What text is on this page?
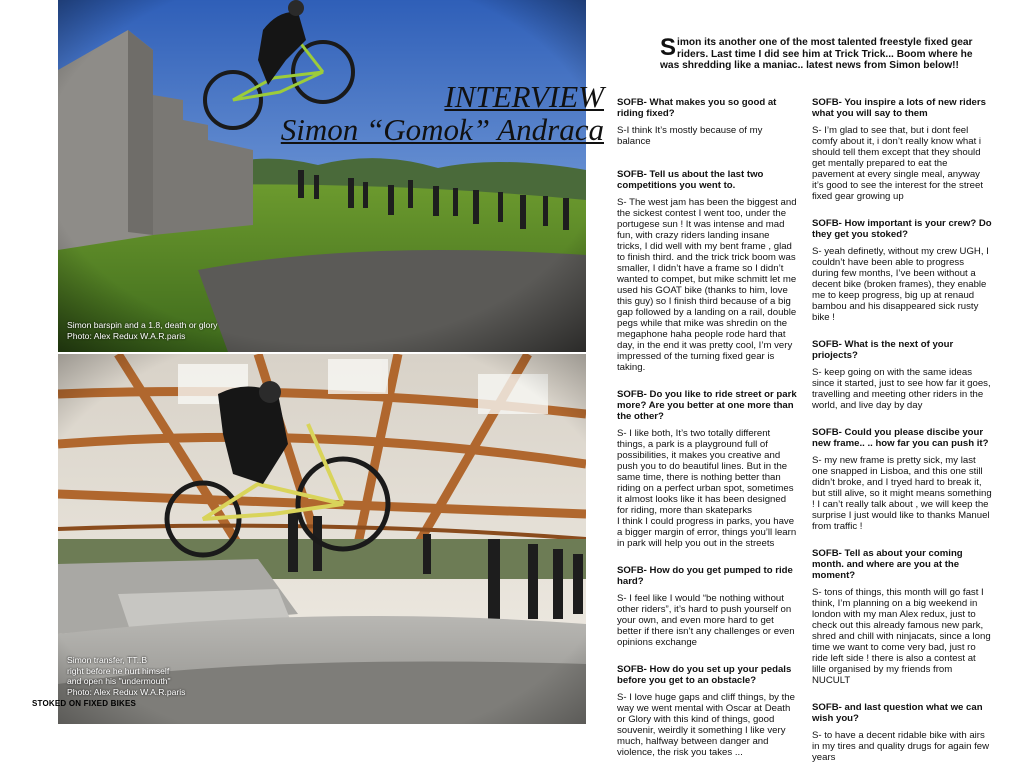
Simon barspin and a 1.8, death or glory
Photo: Alex Redux W.A.R.paris
Simon transfer, TT..B
right before he hurt himself
and open his "undermouth"
Photo: Alex Redux W.A.R.paris
STOKED ON FIXED BIKES
INTERVIEW
Simon “Gomok” Andraca
Simon its another one of the most talented freestyle fixed gear riders. Last time I did see him at Trick Trick... Boom where he was shredding like a maniac.. latest news from Simon below!!

SOFB- What makes you so good at riding fixed?

S-I think It’s mostly because of my balance

SOFB- Tell us about the last two competitions you went to.

S- The west jam has been the biggest and the sickest contest I went too, under the portugese sun ! It was intense and mad fun, with crazy riders landing insane tricks, I did well with my bent frame , glad to finish third. and the trick trick boom was smaller, I didn’t have a frame so I didn’t wanted to compet, but mike schmitt let me used his GOAT bike (thanks to him, love this guy) so I finish third because of a big gap followed by a landing on a rail, double pegs while that mike was shredin on the megaphone haha people rode hard that day, in the end it was pretty cool, I’m very impressed of the turning fixed gear is taking.

SOFB- Do you like to ride street or park more? Are you better at one more than the other?

S- I like both, It’s two totally different things, a park is a playground full of possibilities, it makes you creative and push you to do beautiful lines. But in the same time, there is nothing better than riding on a perfect urban spot, sometimes it almost looks like it has been designed for riding, more than skateparks
I think I could progress in parks, you have a bigger margin of error, things you’ll learn in park will help you out in the streets

SOFB- How do you get pumped to ride hard?

S- I feel like I would “be nothing without other riders”, it’s hard to push yourself on your own, and even more hard to get better if there isn’t any challenges or even opinions exchange

SOFB- How do you set up your pedals before you get to an obstacle?

S- I love huge gaps and cliff things, by the way we went mental with Oscar at Death or Glory with this kind of things, good souvenir, weirdly it something I like very much, halfway between danger and violence, the risk you takes ...

SOFB- You inspire a lots of new riders what you will say to them

S- I’m glad to see that, but i dont feel comfy about it, i don’t really know what i should tell them except that they should get mentally prepared to eat the pavement at every single meal, anyway it’s good to see the interest for the street fixed gear growing up

SOFB- How important is your crew? Do they get you stoked?

S- yeah definetly, without my crew UGH, I couldn’t have been able to progress during few months, I’ve been without a decent bike (broken frames), they enable me to keep progress, big up at renaud bambou and his disappeared sick rusty bike !

SOFB- What is the next of your priojects?

S- keep going on with the same ideas since it started, just to see how far it goes, travelling and meeting other riders in the world, and live day by day

SOFB- Could you please discibe your new frame.. .. how far you can push it?

S- my new frame is pretty sick, my last one snapped in Lisboa, and this one still didn’t broke, and I tryed hard to break it, but still alive, so it might means something ! I can’t really talk about , we will keep the surprise I just would like to thanks Manuel from traffic !

SOFB- Tell as about your coming month. and where are you at the moment?

S- tons of things, this month will go fast I think, I’m planning on a big weekend in london with my man Alex redux, just to check out this already famous new park, shred and chill with ninjacats, since a long time we want to come very bad, just ro ride left side ! there is also a contest at lille organised by my friends from NUCULT

SOFB- and last question what we can wish you?

S- to have a decent ridable bike with airs in my tires and quality drugs for again few years
